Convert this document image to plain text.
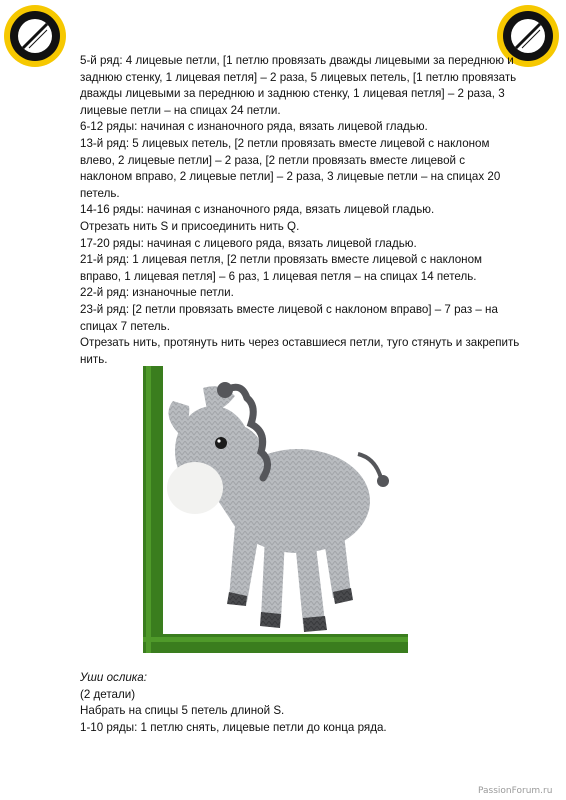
5-й ряд: 4 лицевые петли, [1 петлю провязать дважды лицевыми за переднюю и заднюю стенку, 1 лицевая петля] – 2 раза, 5 лицевых петель, [1 петлю провязать дважды лицевыми за переднюю и заднюю стенку, 1 лицевая петля] – 2 раза, 3 лицевые петли – на спицах 24 петли.

6-12 ряды: начиная с изнаночного ряда, вязать лицевой гладью.

13-й ряд: 5 лицевых петель, [2 петли провязать вместе лицевой с наклоном влево, 2 лицевые петли] – 2 раза, [2 петли провязать вместе лицевой с наклоном вправо, 2 лицевые петли] – 2 раза, 3 лицевые петли – на спицах 20 петель.

14-16 ряды: начиная с изнаночного ряда, вязать лицевой гладью.

Отрезать нить S и присоединить нить Q.

17-20 ряды: начиная с лицевого ряда, вязать лицевой гладью.

21-й ряд: 1 лицевая петля, [2 петли провязать вместе лицевой с наклоном вправо, 1 лицевая петля] – 6 раз, 1 лицевая петля – на спицах 14 петель.

22-й ряд: изнаночные петли.

23-й ряд: [2 петли провязать вместе лицевой с наклоном вправо] – 7 раз – на спицах 7 петель.

Отрезать нить, протянуть нить через оставшиеся петли, туго стянуть и закрепить нить.

Уши ослика:

(2 детали)

Набрать на спицы 5 петель длиной S.

1-10 ряды: 1 петлю снять, лицевые петли до конца ряда.

PassionForum.ru
